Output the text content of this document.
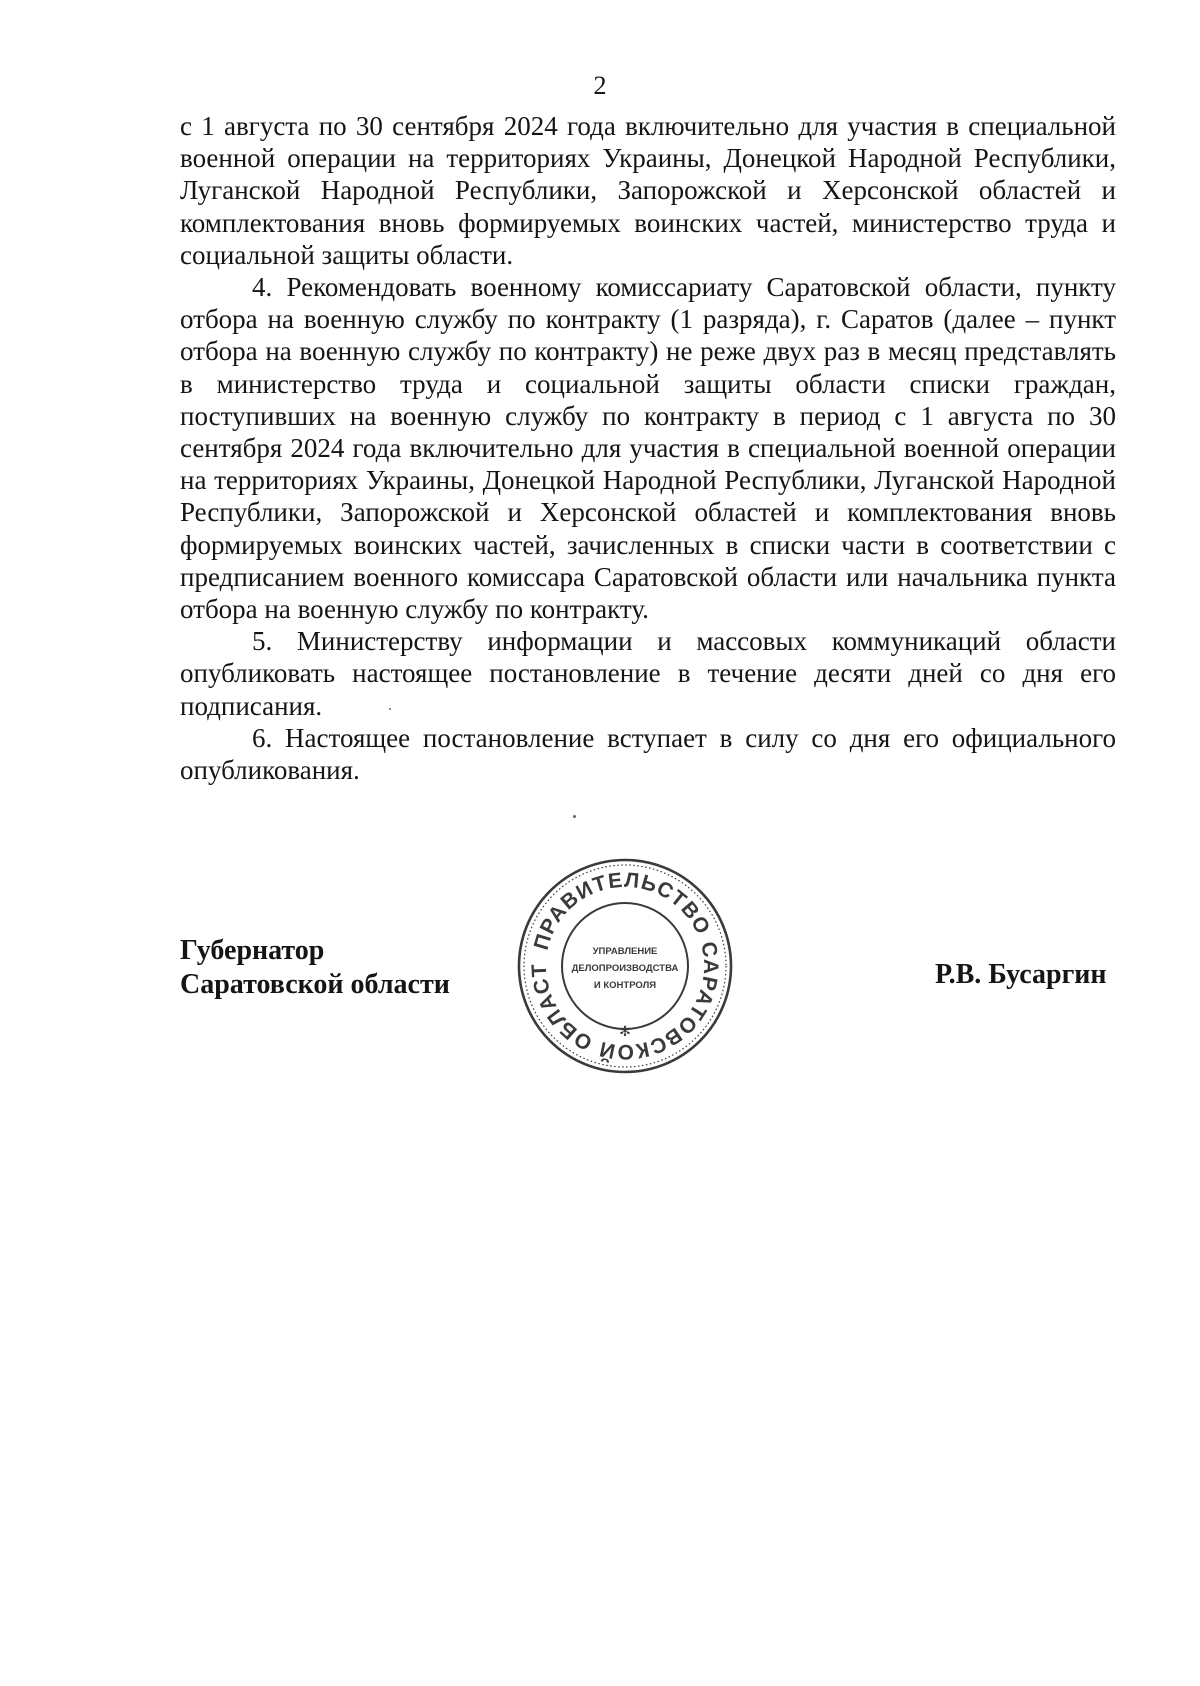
2

с 1 августа по 30 сентября 2024 года включительно для участия в специальной военной операции на территориях Украины, Донецкой Народной Республики, Луганской Народной Республики, Запорожской и Херсонской областей и комплектования вновь формируемых воинских частей, министерство труда и социальной защиты области.

4. Рекомендовать военному комиссариату Саратовской области, пункту отбора на военную службу по контракту (1 разряда), г. Саратов (далее – пункт отбора на военную службу по контракту) не реже двух раз в месяц представлять в министерство труда и социальной защиты области списки граждан, поступивших на военную службу по контракту в период с 1 августа по 30 сентября 2024 года включительно для участия в специальной военной операции на территориях Украины, Донецкой Народной Республики, Луганской Народной Республики, Запорожской и Херсонской областей и комплектования вновь формируемых воинских частей, зачисленных в списки части в соответствии с предписанием военного комиссара Саратовской области или начальника пункта отбора на военную службу по контракту.

5. Министерству информации и массовых коммуникаций области опубликовать настоящее постановление в течение десяти дней со дня его подписания.

6. Настоящее постановление вступает в силу со дня его официального опубликования.

Губернатор
Саратовской области
ПРАВИТЕЛЬСТВО САРАТОВСКОЙ ОБЛАСТ
✻
УПРАВЛЕНИЕ
ДЕЛОПРОИЗВОДСТВА
И КОНТРОЛЯ	Р.В. Бусаргин
